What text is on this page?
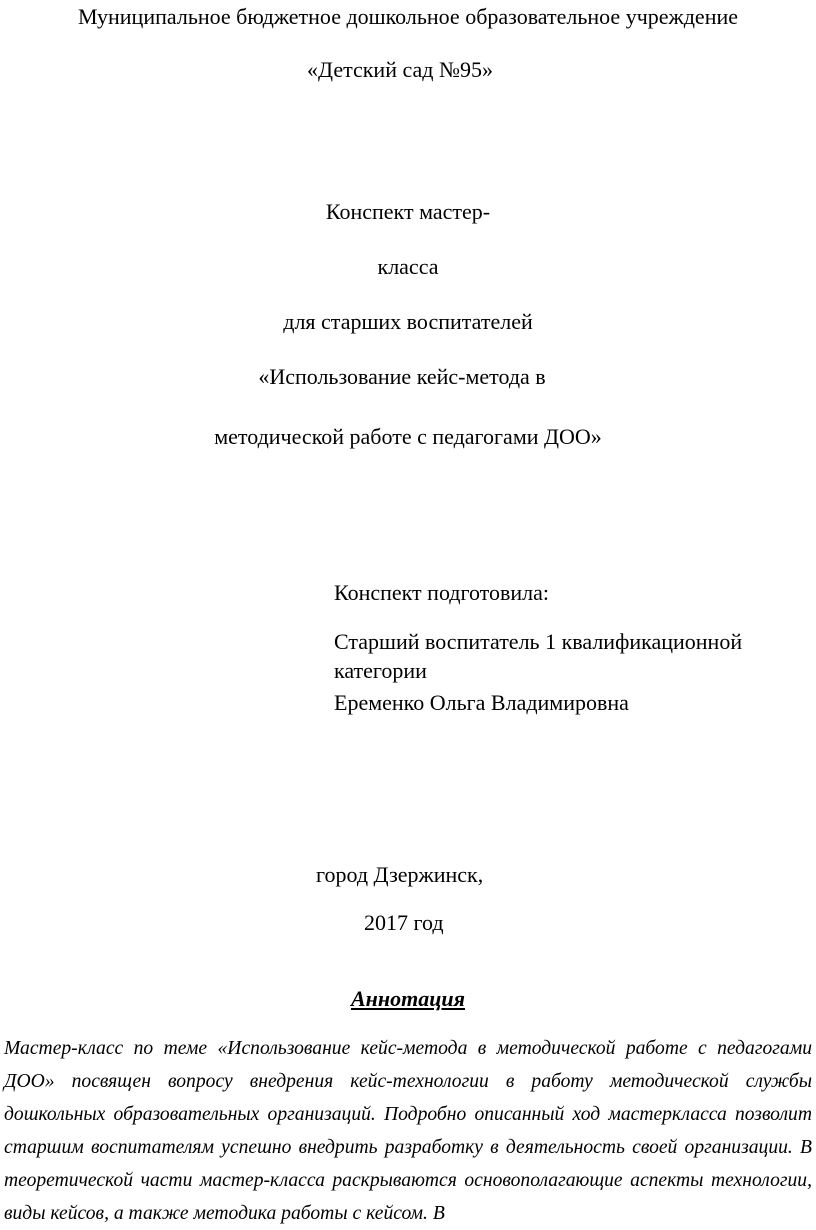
Муниципальное бюджетное дошкольное образовательное учреждение
«Детский сад №95»
Конспект мастер-
класса
для старших воспитателей
«Использование кейс-метода в
методической работе с педагогами ДОО»
Конспект подготовила:
Старший воспитатель 1 квалификационной
категории
Еременко Ольга Владимировна
город Дзержинск,
2017 год
Аннотация

Мастер-класс по теме «Использование кейс-метода в методической работе с педагогами ДОО» посвящен вопросу внедрения кейс-технологии в работу методической службы дошкольных образовательных организаций. Подробно описанный ход мастеркласса позволит старшим воспитателям успешно внедрить разработку в деятельность своей организации. В теоретической части мастер-класса раскрываются основополагающие аспекты технологии, виды кейсов, а также методика работы с кейсом. В
